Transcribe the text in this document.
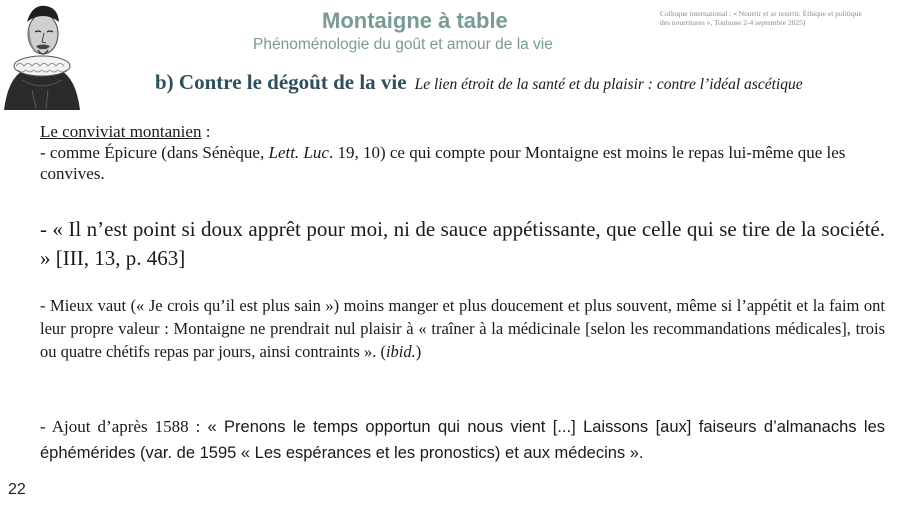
Montaigne à table
Phénoménologie du goût et amour de la vie
Colloque international : « Nourrir et se nourrir. Éthique et politique
des nourritures », Toulouse 2-4 septembre 2025)
b) Contre le dégoût de la vie Le lien étroit de la santé et du plaisir : contre l’idéal ascétique
Le conviviat montanien :
- comme Épicure (dans Sénèque, Lett. Luc. 19, 10) ce qui compte pour Montaigne est moins le repas lui-même que les convives.
- « Il n’est point si doux apprêt pour moi, ni de sauce appétissante, que celle qui se tire de la société. » [III, 13, p. 463]
- Mieux vaut (« Je crois qu’il est plus sain ») moins manger et plus doucement et plus souvent, même si l’appétit et la faim ont leur propre valeur : Montaigne ne prendrait nul plaisir à « traîner à la médicinale [selon les recommandations médicales], trois ou quatre chétifs repas par jours, ainsi contraints ». (ibid.)
- Ajout d’après 1588 : « Prenons le temps opportun qui nous vient [...] Laissons [aux] faiseurs d’almanachs les éphémérides (var. de 1595 « Les espérances et les pronostics) et aux médecins ».
22
